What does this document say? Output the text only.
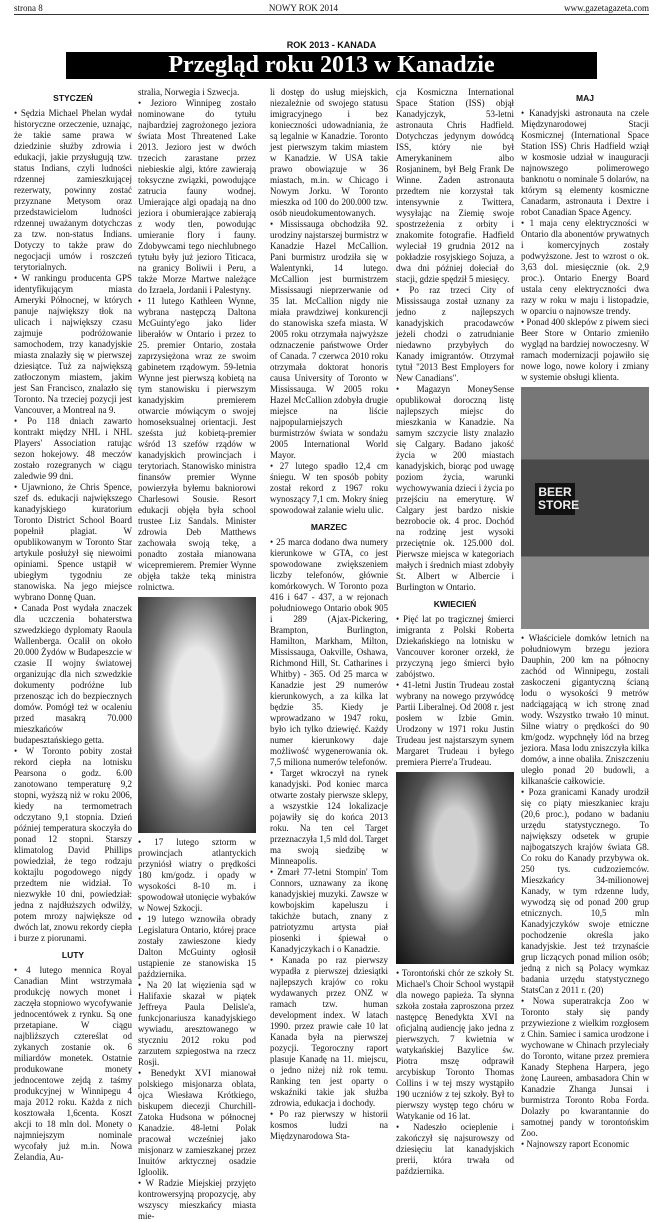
strona 8	NOWY ROK 2014	www.gazetagazeta.com
ROK 2013 - KANADA
Przegląd roku 2013 w Kanadzie
STYCZEŃ

• Sędzia Michael Phelan wydał historyczne orzeczenie, uznając, że takie same prawa w dziedzinie służby zdrowia i edukacji, jakie przysługują tzw. status Indians, czyli ludności rdzennej zamieszkującej rezerwaty, powinny zostać przyznane Metysom oraz przedstawicielom ludności rdzennej uważanym dotychczas za tzw. non-status Indians. Dotyczy to także praw do negocjacji umów i roszczeń terytorialnych.

• W rankingu producenta GPS identyfikującym miasta Ameryki Północnej, w których panuje największy tłok na ulicach i największy czasu zajmuje podróżowanie samochodem, trzy kanadyjskie miasta znalazły się w pierwszej dziesiątce. Tuż za największą zatłoczonym miastem, jakim jest San Francisco, znalazło się Toronto. Na trzeciej pozycji jest Vancouver, a Montreal na 9.

• Po 118 dniach zawarto kontrakt między NHL i NHL Players' Association ratując sezon hokejowy. 48 meczów zostało rozegranych w ciągu zaledwie 99 dni.

• Ujawniono, że Chris Spence, szef ds. edukacji największego kanadyjskiego kuratorium Toronto District School Board popełnił plagiat. W opublikowanym w Toronto Star artykule posłużył się niewoimi opiniami. Spence ustąpił w ubiegłym tygodniu ze stanowiska. Na jego miejsce wybrano Donnę Quan.

• Canada Post wydała znaczek dla uczczenia bohaterstwa szwedzkiego dyplomaty Raoula Wallenberga. Ocalił on około 20.000 Żydów w Budapeszcie w czasie II wojny światowej organizując dla nich szwedzkie dokumenty podróżne lub przenosząc ich do bezpiecznych domów. Pomógł też w ocaleniu przed masakrą 70.000 mieszkańców budapesztańskiego getta.

• W Toronto pobity został rekord ciepła na lotnisku Pearsona o godz. 6.00 zanotowano temperaturę 9,2 stopni, wyższą niż w roku 2006, kiedy na termometrach odczytano 9,1 stopnia. Dzień później temperatura skoczyła do ponad 12 stopni. Starszy klimatolog David Phillips powiedział, że tego rodzaju koktajlu pogodowego nigdy przedtem nie widział. To niezwykłe 10 dni, powiedział: jedna z najdłuższych odwilży, potem mrozy największe od dwóch lat, znowu rekordy ciepła i burze z piorunami.

LUTY

• 4 lutego mennica Royal Canadian Mint wstrzymała produkcję nowych monet i zaczęła stopniowo wycofywanie jednocentówek z rynku. Są one przetapiane. W ciągu najbliższych cztereślat od zykanych zostanie ok. 6 miliardów monetek. Ostatnie produkowane monety jednocentowe zejdą z taśmy produkcyjnej w Winnipegu 4 maja 2012 roku. Każda z nich kosztowała 1,6centa. Koszt akcji to 18 mln dol. Monety o najmniejszym nominale wycofały już m.in. Nowa Zelandia, Au-

stralia, Norwegia i Szwecja.

• Jezioro Winnipeg zostało nominowane do tytułu najbardziej zagrożonego jeziora świata Most Threatened Lake 2013. Jezioro jest w dwóch trzecich zarastane przez niebieskie algi, które zawierają toksyczne związki, powodujące zatrucia fauny wodnej. Umierające algi opadają na dno jeziora i obumierające zabierają z wody tlen, powodując umieranie flory i fauny. Zdobywcami tego niechlubnego tytułu były już jezioro Titicaca, na granicy Boliwii i Peru, a także Morze Martwe należące do Izraela, Jordanii i Palestyny.

• 11 lutego Kathleen Wynne, wybrana następczą Daltona McGuinty'ego jako lider liberałów w Ontario i przez to 25. premier Ontario, została zaprzysiężona wraz ze swoim gabinetem rządowym. 59-letnia Wynne jest pierwszą kobietą na tym stanowisku i pierwszym kanadyjskim premierem otwarcie mówiącym o swojej homoseksualnej orientacji. Jest sześsta już kobietą-premier wśród 13 szefów rządów w kanadyjskich prowincjach i terytoriach. Stanowisko ministra finansów premier Wynne powierzyła byłemu bakniorowi Charlesowi Sousie. Resort edukacji objęła była school trustee Liz Sandals. Minister zdrowia Deb Matthews zachowała swoją tekę, a ponadto została mianowana wicepremierem. Premier Wynne objęła także teką ministra rolnictwa.

• 17 lutego sztorm w prowincjach atlantyckich przyniósł wiatry o prędkości 180 km/godz. i opady w wysokości 8-10 m. i spowodował utonięcie wybaków w Nowej Szkocji.

• 19 lutego wznowiła obrady Legislatura Ontario, której prace zostały zawieszone kiedy Dalton McGuinty ogłosił ustąpienie ze stanowiska 15 października.

• Na 20 lat więzienia sąd w Halifaxie skazał w piątek Jeffreya Paula Delisle'a, funkcjonariusza kanadyjskiego wywiadu, aresztowanego w styczniu 2012 roku pod zarzutem szpiegostwa na rzecz Rosji.

• Benedykt XVI mianował polskiego misjonarza oblata, ojca Wiesława Krótkiego, biskupem diecezji Churchill-Zatoka Hudsona w północnej Kanadzie. 48-letni Polak pracował wcześniej jako misjonarz w zamieszkanej przez Inuitów arktycznej osadzie Igloolik.

• W Radzie Miejskiej przyjęto kontrowersyjną propozycję, aby wszyscy mieszkańcy miasta mie-

li dostęp do usług miejskich, niezależnie od swojego statusu imigracyjnego i bez konieczności udowadniania, że są legalnie w Kanadzie. Toronto jest pierwszym takim miastem w Kanadzie. W USA takie prawo obowiązuje w 36 miastach, m.in. w Chicago i Nowym Jorku. W Toronto mieszka od 100 do 200.000 tzw. osób nieudokumentowanych.

• Mississauga obchodziła 92. urodziny najstarszej burmistrz w Kanadzie Hazel McCallion. Pani burmistrz urodziła się w Walentynki, 14 lutego. McCallion jest burmistrzem Mississaugi nieprzerwanie od 35 lat. McCallion nigdy nie miała prawdziwej konkurencji do stanowiska szefa miasta. W 2005 roku otrzymała najwyższe odznaczenie państwowe Order of Canada. 7 czerwca 2010 roku otrzymała doktorat honoris causa University of Toronto w Mississauga. W 2005 roku Hazel McCallion zdobyła drugie miejsce na liście najpopularniejszych burmistrzów świata w sondażu 2005 International World Mayor.

• 27 lutego spadło 12,4 cm śniegu. W ten sposób pobity został rekord z 1967 roku wynoszący 7,1 cm. Mokry śnieg spowodował zalanie wielu ulic.

MARZEC

• 25 marca dodano dwa numery kierunkowe w GTA, co jest spowodowane zwiększeniem liczby telefonów, głównie komórkowych. W Toronto poza 416 i 647 - 437, a w rejonach południowego Ontario obok 905 i 289 (Ajax-Pickering, Brampton, Burlington, Hamilton, Markham, Milton, Mississauga, Oakville, Oshawa, Richmond Hill, St. Catharines i Whitby) - 365. Od 25 marca w Kanadzie jest 29 numerów kierunkowych, a za kilka lat będzie 35. Kiedy je wprowadzano w 1947 roku, było ich tylko dziewięć. Każdy numer kierunkowy daje możliwość wygenerowania ok. 7,5 miliona numerów telefonów.

• Target wkroczył na rynek kanadyjski. Pod koniec marca otwarte zostały pierwsze sklepy, a wszystkie 124 lokalizacje pojawiły się do końca 2013 roku. Na ten cel Target przeznaczyła 1,5 mld dol. Target ma swoją siedzibę w Minneapolis.

• Zmarł 77-letni Stompin' Tom Connors, uznawany za ikonę kanadyjskiej muzyki. Zawsze w kowbojskim kapeluszu i takichże butach, znany z patriotyzmu artysta piał piosenki i śpiewał o Kanadyjczykach i o Kanadzie.

• Kanada po raz pierwszy wypadła z pierwszej dziesiątki najlepszych krajów co roku wydawanych przez ONZ w ramach tzw. human development index. W latach 1990. przez prawie całe 10 lat Kanada była na pierwszej pozycji. Tegoroczny raport plasuje Kanadę na 11. miejscu, o jedno niżej niż rok temu. Ranking ten jest oparty o wskaźniki takie jak służba zdrowia, edukacja i dochody.

• Po raz pierwszy w historii kosmos ludzi na Międzynarodowa Sta-

cja Kosmiczna International Space Station (ISS) objął Kanadyjczyk, 53-letni astronauta Chris Hadfield. Dotychczas jedynym dowódcą ISS, który nie był Amerykaninem albo Rosjaninem, był Belg Frank De Winne. Zaden astronauta przedtem nie korzystał tak intensywnie z Twittera, wysyłając na Ziemię swoje spostrzeżenia z orbity i znakomite fotografie. Hadfield wyleciał 19 grudnia 2012 na pokładzie rosyjskiego Sojuza, a dwa dni później dołeciał do stacji, gdzie spędził 5 miesięcy.

• Po raz trzeci City of Mississauga został uznany za jedno z najlepszych kanadyjskich pracodawców jeżeli chodzi o zatrudnianie niedawno przybyłych do Kanady imigrantów. Otrzymał tytuł "2013 Best Employers for New Canadians".

• Magazyn MoneySense opublikował doroczną listę najlepszych miejsc do mieszkania w Kanadzie. Na samym szczycie listy znalazło się Calgary. Badano jakość życia w 200 miastach kanadyjskich, biorąc pod uwagę poziom życia, warunki wychowywania dzieci i życia po przejściu na emeryturę. W Calgary jest bardzo niskie bezrobocie ok. 4 proc. Dochód na rodzinę jest wysoki przeciętnie ok. 125.000 dol. Pierwsze miejsca w kategoriach małych i średnich miast zdobyły St. Albert w Albercie i Burlington w Ontario.

KWIECIEŃ

• Pięć lat po tragicznej śmierci imigranta z Polski Roberta Dziekańskiego na lotnisku w Vancouver koroner orzekł, że przyczyną jego śmierci było zabójstwo.

• 41-letni Justin Trudeau został wybrany na nowego przywódcę Partii Liberalnej. Od 2008 r. jest posłem w Izbie Gmin. Urodzony w 1971 roku Justin Trudeau jest najstarszym synem Margaret Trudeau i byłego premiera Pierre'a Trudeau.

• Torontoński chór ze szkoły St. Michael's Choir School wystąpił dla nowego papieża. Ta słynna szkoła została zaproszona przez następcę Benedykta XVI na oficjalną audiencję jako jedna z pierwszych. 7 kwietnia w watykańskiej Bazylice św. Piotra mszę odprawił arcybiskup Toronto Thomas Collins i w tej mszy wystąpiło 190 uczniów z tej szkoły. Był to pierwszy występ tego chóru w Watykanie od 16 lat.

• Nadeszło ocieplenie i zakończył się najsurowszy od dziesięciu lat kanadyjskich prerii, która trwała od października.

MAJ

• Kanadyjski astronauta na czele Międzynarodowej Stacji Kosmicznej (International Space Station ISS) Chris Hadfield wziął w kosmosie udział w inauguracji najnowszego polimerowego banknotu o nominale 5 dolarów, na którym są elementy kosmiczne Canadarm, astronauta i Dextre i robot Canadian Space Agency.

• 1 maja ceny elektryczności w Ontario dla abonentów prywatnych i komercyjnych zostały podwyższone. Jest to wzrost o ok. 3,63 dol. miesięcznie (ok. 2,9 proc.). Ontario Energy Board ustala ceny elektryczności dwa razy w roku w maju i listopadzie, w oparciu o najnowsze trendy.

• Ponad 400 sklepów z piwem sieci Beer Store w Ontario zmieniło wygląd na bardziej nowoczesny. W ramach modernizacji pojawiło się nowe logo, nowe kolory i zmiany w systemie obsługi klienta.

BEER STORE

• Właściciele domków letnich na południowym brzegu jeziora Dauphin, 200 km na północny zachód od Winnipegu, zostali zaskoczeni gigantyczną ścianą lodu o wysokości 9 metrów nadciągającą w ich stronę znad wody. Wszystko trwało 10 minut. Silne wiatry o prędkości do 90 km/godz. wypchnęły lód na brzeg jeziora. Masa lodu zniszczyła kilka domów, a inne obaliła. Zniszczeniu uległo ponad 20 budowli, a kilkanaście całkowicie.

• Poza granicami Kanady urodził się co piąty mieszkaniec kraju (20,6 proc.), podano w badaniu urzędu statystycznego. To największy odsetek w grupie najbogatszych krajów świata G8. Co roku do Kanady przybywa ok. 250 tys. cudzoziemców. Mieszkańcy 34-milionowej Kanady, w tym rdzenne ludy, wywodzą się od ponad 200 grup etnicznych. 10,5 mln Kanadyjczyków swoje etniczne pochodzenie określa jako kanadyjskie. Jest też trzynaście grup liczących ponad milion osób; jedną z nich są Polacy wymkaz badania urzędu statystycznego StatsCan z 2011 r. (20)

• Nowa superatrakcja Zoo w Toronto stały się pandy przywiezione z wielkim rozgłosem z Chin. Samiec i samica urodzone i wychowane w Chinach przyleciały do Toronto, witane przez premiera Kanady Stephena Harpera, jego żonę Laureen, ambasadora Chin w Kanadzie Zhanga Junsai i burmistrza Toronto Roba Forda. Dolazły po kwarantannie do samotnej pandy w torontońskim Zoo.

• Najnowszy raport Economic
